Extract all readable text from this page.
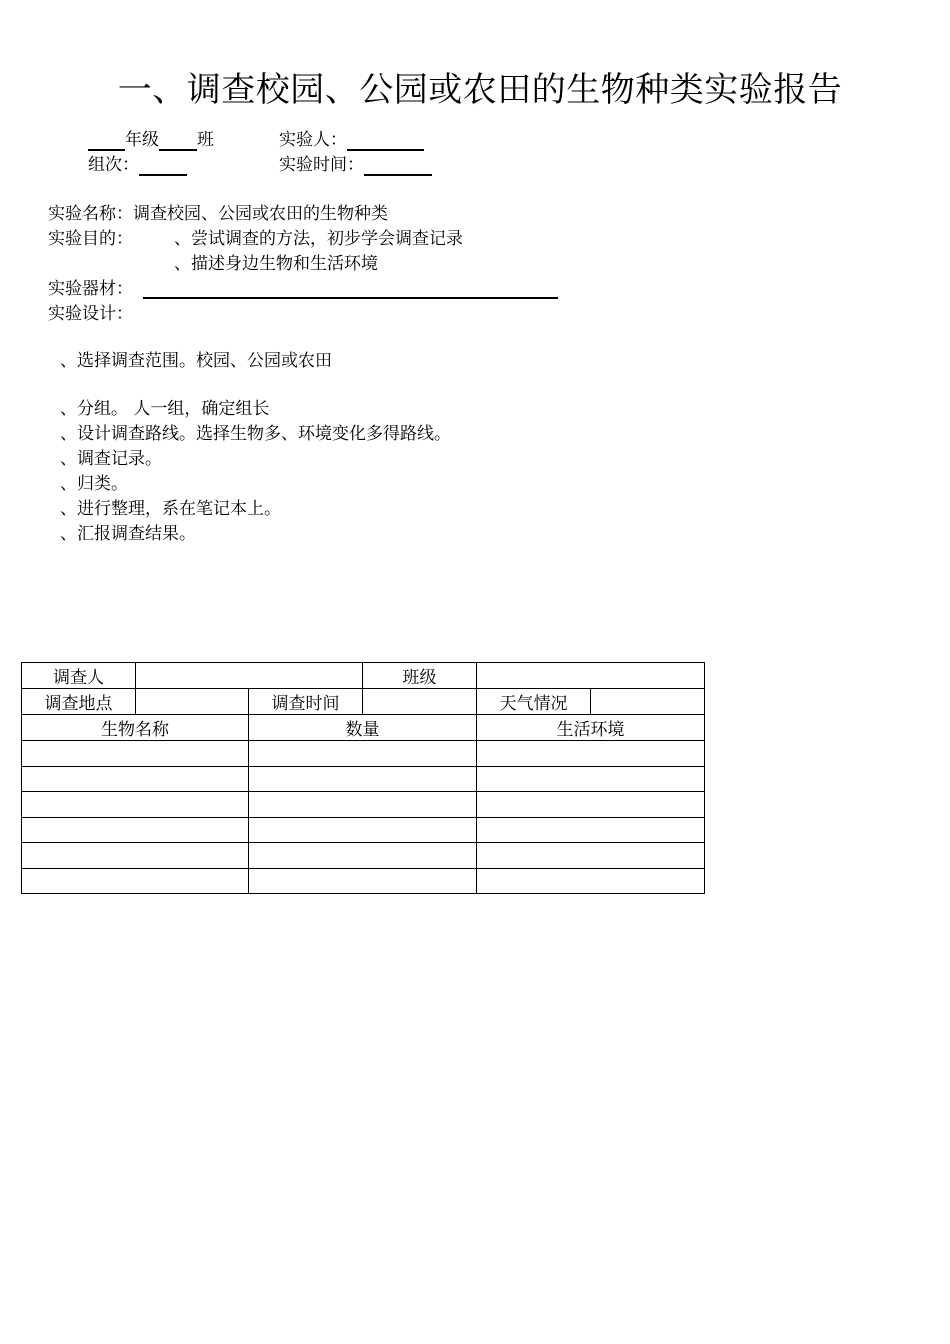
一、调查校园、公园或农田的生物种类实验报告
年级 班	实验人：
组次：	实验时间：
实验名称：调查校园、公园或农田的生物种类
实验目的： 、尝试调查的方法，初步学会调查记录
、描述身边生物和生活环境
实验器材：
实验设计：
、选择调查范围。校园、公园或农田
、分组。 人一组，确定组长
、设计调查路线。选择生物多、环境变化多得路线。
、调查记录。
、归类。
、进行整理，系在笔记本上。
、汇报调查结果。
调查人			班级		
调查地点		调查时间		天气情况	
生物名称		数量		生活环境	
